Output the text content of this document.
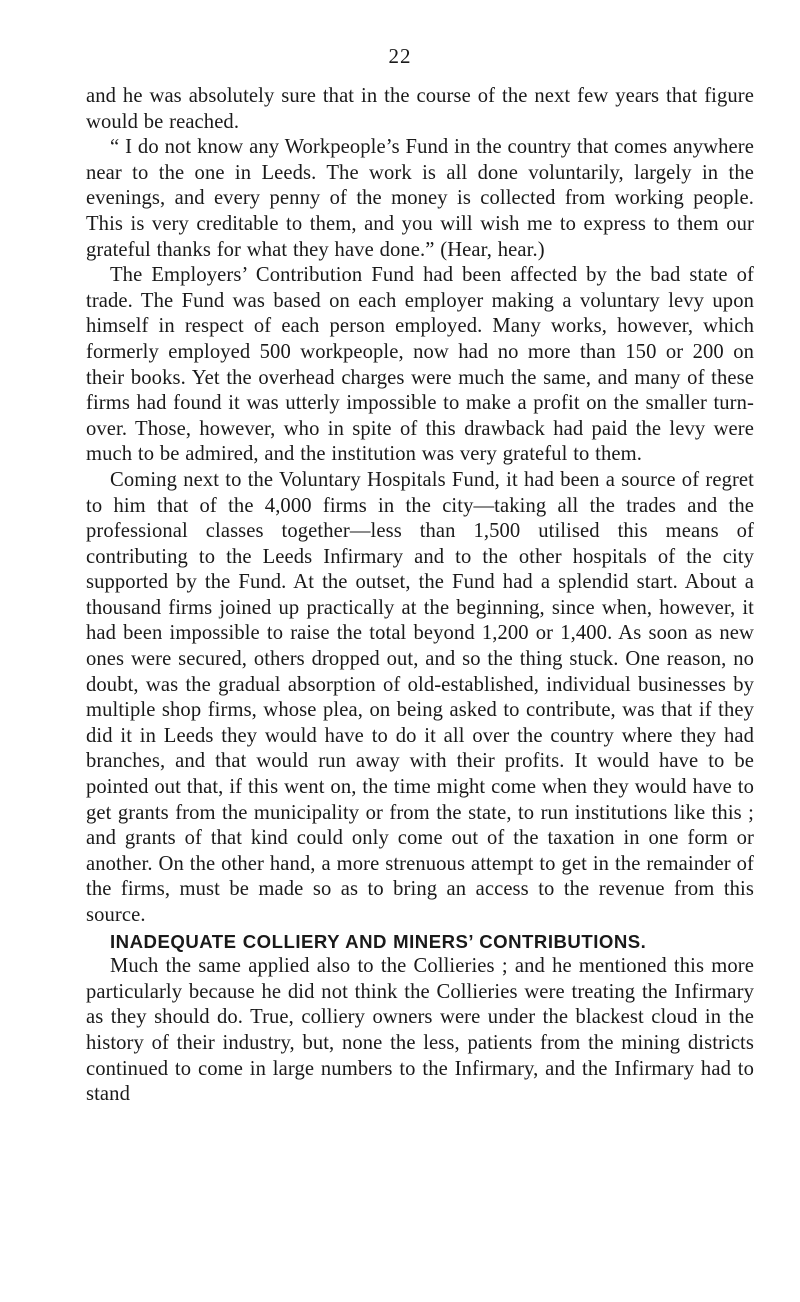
22

and he was absolutely sure that in the course of the next few years that figure would be reached.

“ I do not know any Workpeople’s Fund in the country that comes anywhere near to the one in Leeds. The work is all done voluntarily, largely in the evenings, and every penny of the money is collected from working people. This is very creditable to them, and you will wish me to express to them our grateful thanks for what they have done.” (Hear, hear.)

The Employers’ Contribution Fund had been affected by the bad state of trade. The Fund was based on each employer making a voluntary levy upon himself in respect of each person employed. Many works, however, which formerly employed 500 workpeople, now had no more than 150 or 200 on their books. Yet the overhead charges were much the same, and many of these firms had found it was utterly impossible to make a profit on the smaller turn-over. Those, however, who in spite of this drawback had paid the levy were much to be admired, and the institution was very grateful to them.

Coming next to the Voluntary Hospitals Fund, it had been a source of regret to him that of the 4,000 firms in the city—taking all the trades and the professional classes together—less than 1,500 utilised this means of contributing to the Leeds Infirmary and to the other hospitals of the city supported by the Fund. At the outset, the Fund had a splendid start. About a thousand firms joined up practically at the beginning, since when, however, it had been impossible to raise the total beyond 1,200 or 1,400. As soon as new ones were secured, others dropped out, and so the thing stuck. One reason, no doubt, was the gradual absorption of old-established, individual businesses by multiple shop firms, whose plea, on being asked to contribute, was that if they did it in Leeds they would have to do it all over the country where they had branches, and that would run away with their profits. It would have to be pointed out that, if this went on, the time might come when they would have to get grants from the municipality or from the state, to run institutions like this ; and grants of that kind could only come out of the taxation in one form or another. On the other hand, a more strenuous attempt to get in the remainder of the firms, must be made so as to bring an access to the revenue from this source.

INADEQUATE COLLIERY AND MINERS’ CONTRIBUTIONS.

Much the same applied also to the Collieries ; and he mentioned this more particularly because he did not think the Collieries were treating the Infirmary as they should do. True, colliery owners were under the blackest cloud in the history of their industry, but, none the less, patients from the mining districts continued to come in large numbers to the Infirmary, and the Infirmary had to stand
